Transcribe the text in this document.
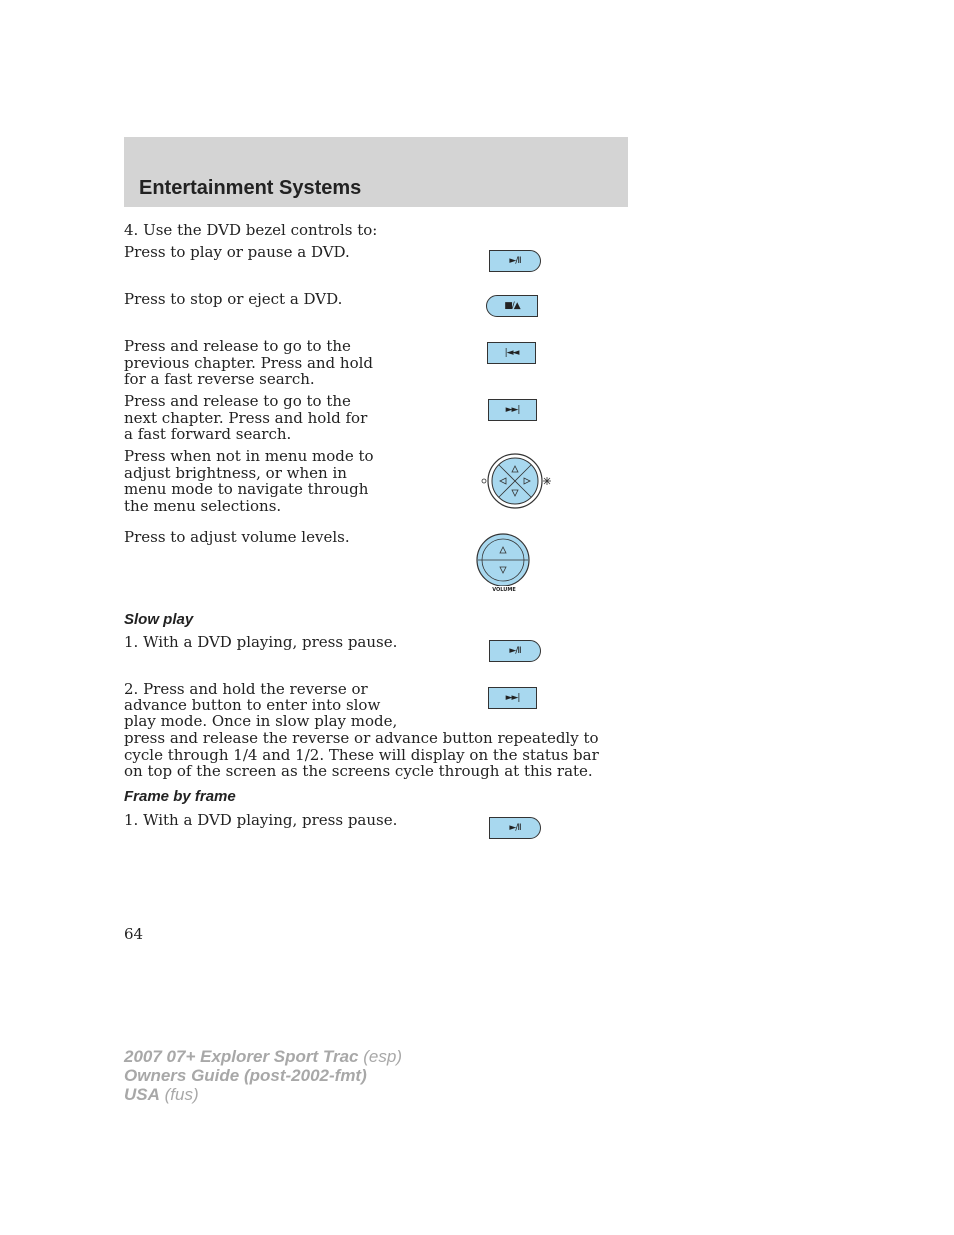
Entertainment Systems
4. Use the DVD bezel controls to:
Press to play or pause a DVD.	►/II
Press to stop or eject a DVD.	■/▲
Press and release to go to the previous chapter. Press and hold for a fast reverse search.
|◄◄
Press and release to go to the next chapter. Press and hold for a fast forward search.
►►|
Press when not in menu mode to adjust brightness, or when in menu mode to navigate through the menu selections.
Press to adjust volume levels.
VOLUME
Slow play
1. With a DVD playing, press pause.	►/II
2. Press and hold the reverse or
advance button to enter into slow
play mode. Once in slow play mode,
press and release the reverse or advance button repeatedly to cycle through 1/4 and 1/2. These will display on the status bar on top of the screen as the screens cycle through at this rate.
►►|
Frame by frame
1. With a DVD playing, press pause.	►/II
64
2007 07+ Explorer Sport Trac (esp)
Owners Guide (post-2002-fmt)
USA (fus)
